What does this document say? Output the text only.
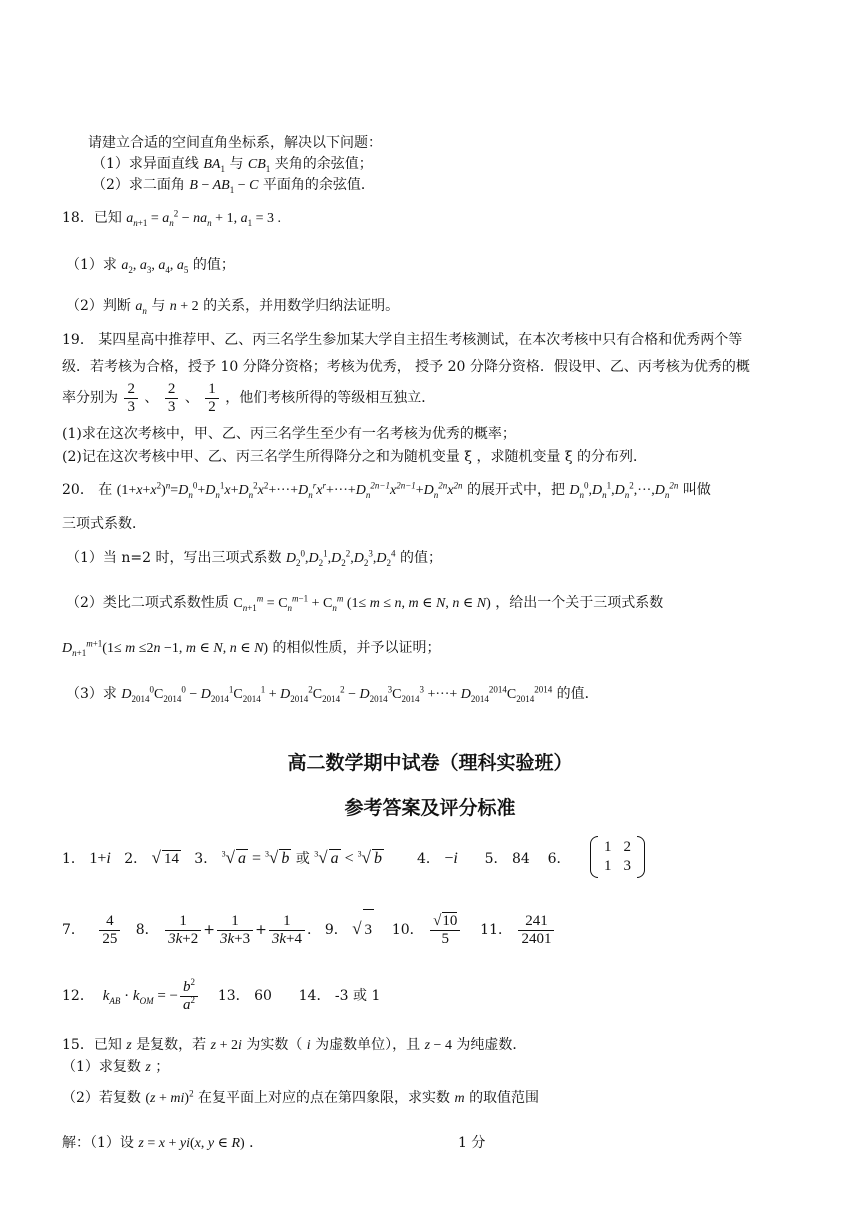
请建立合适的空间直角坐标系，解决以下问题：
（1）求异面直线 $BA_1$ 与 $CB_1$ 夹角的余弦值；
（2）求二面角 $B - AB_1 - C$ 平面角的余弦值．
18．已知 $a_{n+1} = a_n^2 - na_n + 1$, $a_1 = 3$ .
（1）求 $a_2$, $a_3$, $a_4$, $a_5$ 的值；
（2）判断 $a_n$ 与 n + 2 的关系，并用数学归纳法证明。
19． 某四星高中推荐甲、乙、丙三名学生参加某大学自主招生考核测试，在本次考核中只有合格和优秀两个等
级．若考核为合格，授予 10 分降分资格；考核为优秀， 授予 20 分降分资格．假设甲、乙、丙考核为优秀的概
率分别为 $\frac{2}{3}$ 、 $\frac{2}{3}$ 、 $\frac{1}{2}$ ，他们考核所得的等级相互独立．
(1)求在这次考核中，甲、乙、丙三名学生至少有一名考核为优秀的概率；
(2)记在这次考核中甲、乙、丙三名学生所得降分之和为随机变量 ξ ，求随机变量 ξ 的分布列．
20． 在 $(1+x+x^2)^n=D_n^0+D_n^1x+D_n^2x^2+\cdot\cdot\cdot+D_n^rx^r+\cdot\cdot\cdot+D_n^{2n-1}x^{2n-1}+D_n^{2n}x^{2n}$ 的展开式中，把 $D_n^0,D_n^1,D_n^2,\cdot\cdot\cdot,D_n^{2n}$ 叫做
三项式系数．
（1）当 n=2 时，写出三项式系数 $D_2^0,D_2^1,D_2^2,D_2^3,D_2^4$ 的值；
（2）类比二项式系数性质 $C_{n+1}^m = C_n^{m-1} + C_n^m$ (1≤ m ≤ n, m ∈ N, n ∈ N) ，给出一个关于三项式系数
$D_{n+1}^{m+1}(1\le m \le 2n -1$, m ∈ N, n ∈ N) 的相似性质，并予以证明；
（3）求 $D_{2014}^0C_{2014}^0 - D_{2014}^1C_{2014}^1 + D_{2014}^2C_{2014}^2 - D_{2014}^3C_{2014}^3$ +···+ $D_{2014}^{2014}C_{2014}^{2014}$ 的值．
高二数学期中试卷（理科实验班）
参考答案及评分标准
1． 1+i 2． √ 14 3． $^3$√ a = $^3$√ b 或 $^3$√ a < $^3$√ b 4． −i 5． 84 6．
1	2
1	3
7． $\frac{4}{25} 8$． $\frac{1}{3k+2} + \frac{1}{3k+3} + \frac{1}{3k+4}$ .   9． √ 3 10． $\frac{√10}{5} 11$． $\frac{241}{2401}$
12． $k_{AB} \cdot k_{OM}$ = − $\frac{b^2}{a^2} 13$． 60 14． -3 或 1
15．已知 z 是复数，若 z + 2i 为实数（ i 为虚数单位），且 z − 4 为纯虚数．
（1）求复数 z ；
（2）若复数 (z + mi)$^2$ 在复平面上对应的点在第四象限，求实数 m 的取值范围
解：（1）设 z = x + yi(x, y ∈ R) ．	1 分
